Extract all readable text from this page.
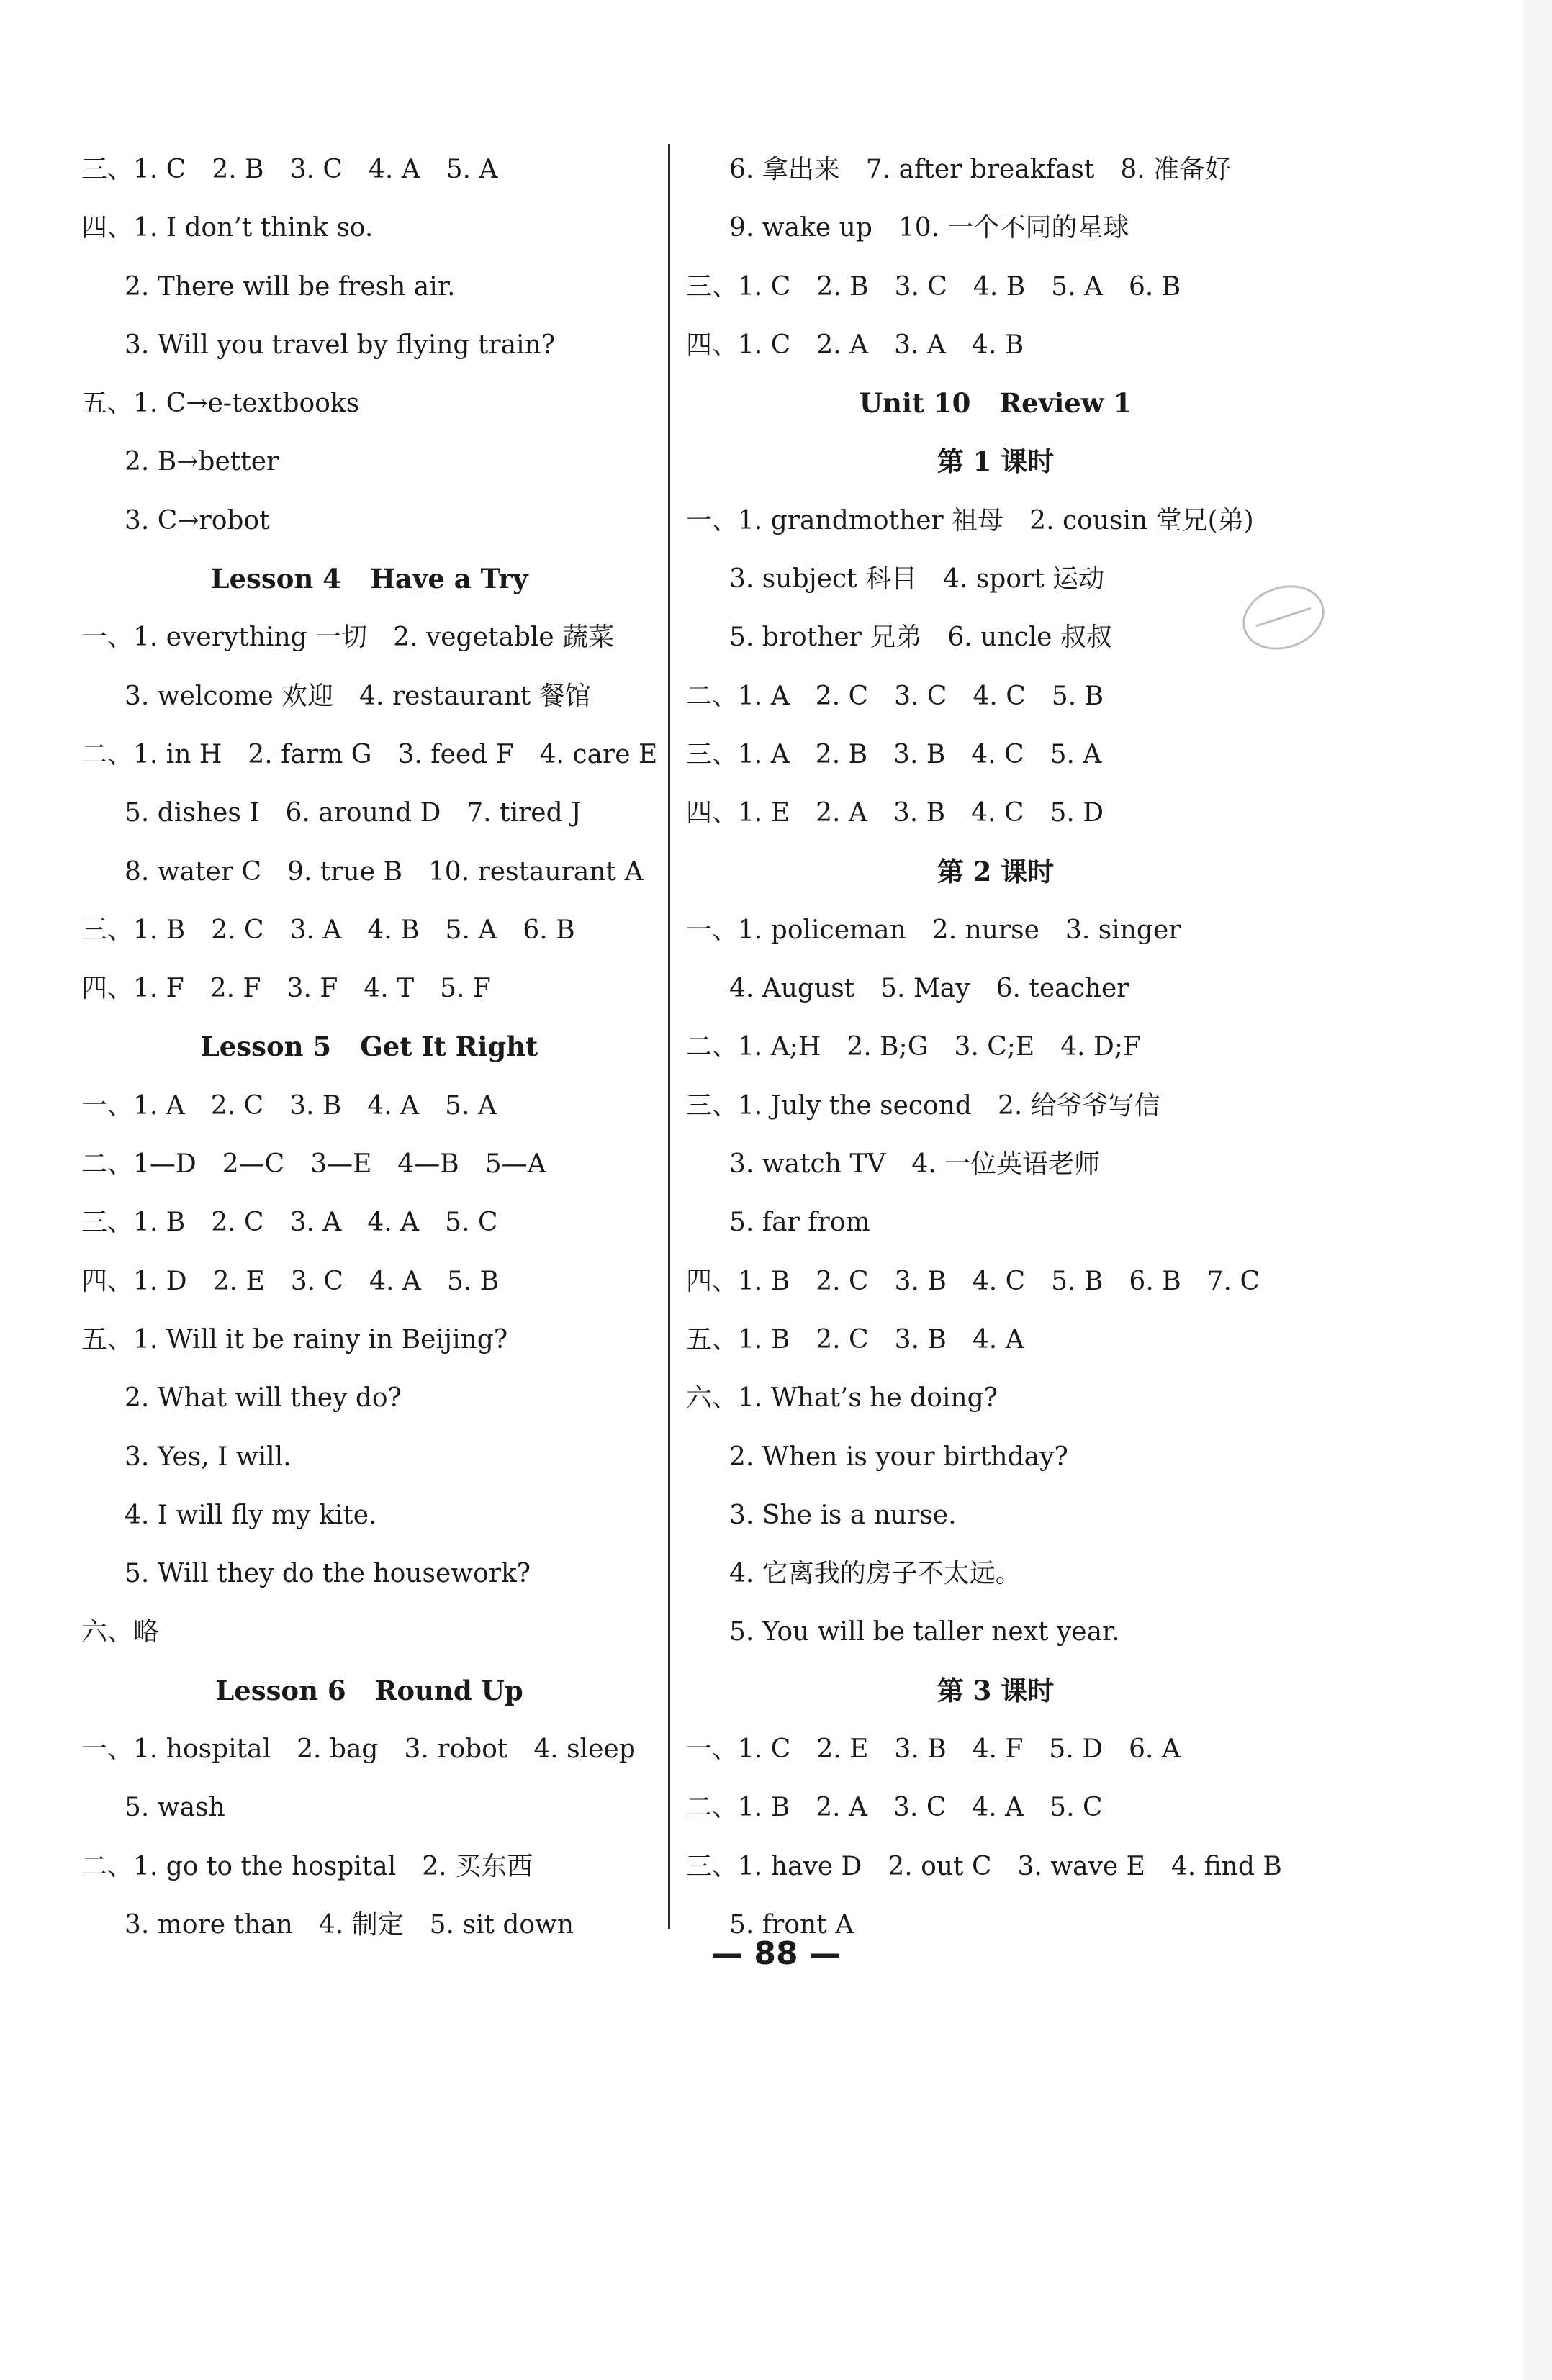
三、1. C　2. B　3. C　4. A　5. A
四、1. I don’t think so.
2. There will be fresh air.
3. Will you travel by flying train?
五、1. C→e-textbooks
2. B→better
3. C→robot
Lesson 4 Have a Try
一、1. everything 一切　2. vegetable 蔬菜
3. welcome 欢迎　4. restaurant 餐馆
二、1. in H　2. farm G　3. feed F　4. care E
5. dishes I　6. around D　7. tired J
8. water C　9. true B　10. restaurant A
三、1. B　2. C　3. A　4. B　5. A　6. B
四、1. F　2. F　3. F　4. T　5. F
Lesson 5 Get It Right
一、1. A　2. C　3. B　4. A　5. A
二、1—D　2—C　3—E　4—B　5—A
三、1. B　2. C　3. A　4. A　5. C
四、1. D　2. E　3. C　4. A　5. B
五、1. Will it be rainy in Beijing?
2. What will they do?
3. Yes, I will.
4. I will fly my kite.
5. Will they do the housework?
六、略
Lesson 6 Round Up
一、1. hospital　2. bag　3. robot　4. sleep
5. wash
二、1. go to the hospital　2. 买东西
3. more than　4. 制定　5. sit down
6. 拿出来　7. after breakfast　8. 准备好
9. wake up　10. 一个不同的星球
三、1. C　2. B　3. C　4. B　5. A　6. B
四、1. C　2. A　3. A　4. B
Unit 10 Review 1
第 1 课时
一、1. grandmother 祖母　2. cousin 堂兄(弟)
3. subject 科目　4. sport 运动
5. brother 兄弟　6. uncle 叔叔
二、1. A　2. C　3. C　4. C　5. B
三、1. A　2. B　3. B　4. C　5. A
四、1. E　2. A　3. B　4. C　5. D
第 2 课时
一、1. policeman　2. nurse　3. singer
4. August　5. May　6. teacher
二、1. A;H　2. B;G　3. C;E　4. D;F
三、1. July the second　2. 给爷爷写信
3. watch TV　4. 一位英语老师
5. far from
四、1. B　2. C　3. B　4. C　5. B　6. B　7. C
五、1. B　2. C　3. B　4. A
六、1. What’s he doing?
2. When is your birthday?
3. She is a nurse.
4. 它离我的房子不太远。
5. You will be taller next year.
第 3 课时
一、1. C　2. E　3. B　4. F　5. D　6. A
二、1. B　2. A　3. C　4. A　5. C
三、1. have D　2. out C　3. wave E　4. find B
5. front A
— 88 —
